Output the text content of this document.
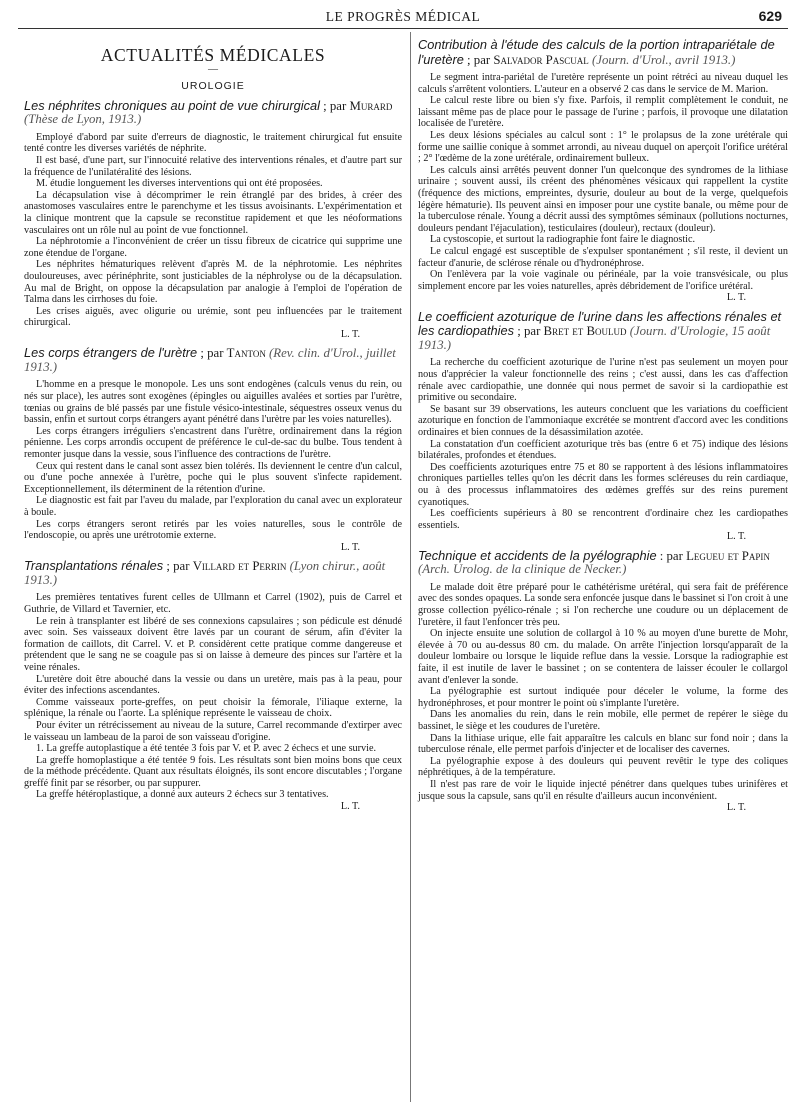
LE PROGRÈS MÉDICAL	629
ACTUALITÉS MÉDICALES
—
UROLOGIE
Les néphrites chroniques au point de vue chirurgical ; par Murard (Thèse de Lyon, 1913.)

Employé d'abord par suite d'erreurs de diagnostic, le traitement chirurgical fut ensuite tenté contre les diverses variétés de néphrite.

Il est basé, d'une part, sur l'innocuité relative des interventions rénales, et d'autre part sur la fréquence de l'unilatéralité des lésions.

M. étudie longuement les diverses interventions qui ont été proposées.

La décapsulation vise à décomprimer le rein étranglé par des brides, à créer des anastomoses vasculaires entre le parenchyme et les tissus avoisinants. L'expérimentation et la clinique montrent que la capsule se reconstitue rapidement et que les néoformations vasculaires ont un rôle nul au point de vue fonctionnel.

La néphrotomie a l'inconvénient de créer un tissu fibreux de cicatrice qui supprime une zone étendue de l'organe.

Les néphrites hématuriques relèvent d'après M. de la néphrotomie. Les néphrites douloureuses, avec périnéphrite, sont justiciables de la néphrolyse ou de la décapsulation. Au mal de Bright, on oppose la décapsulation par analogie à l'emploi de l'opération de Talma dans les cirrhoses du foie.

Les crises aiguës, avec oligurie ou urémie, sont peu influencées par le traitement chirurgical.

L. T.
Les corps étrangers de l'urètre ; par Tanton (Rev. clin. d'Urol., juillet 1913.)

L'homme en a presque le monopole. Les uns sont endogènes (calculs venus du rein, ou nés sur place), les autres sont exogènes (épingles ou aiguilles avalées et sorties par l'urètre, tœnias ou grains de blé passés par une fistule vésico-intestinale, séquestres osseux venus du bassin, enfin et surtout corps étrangers ayant pénétré dans l'urètre par les voies naturelles).

Les corps étrangers irréguliers s'encastrent dans l'urètre, ordinairement dans la région pénienne. Les corps arrondis occupent de préférence le cul-de-sac du bulbe. Tous tendent à remonter jusque dans la vessie, sous l'influence des contractions de l'urètre.

Ceux qui restent dans le canal sont assez bien tolérés. Ils deviennent le centre d'un calcul, ou d'une poche annexée à l'urètre, poche qui le plus souvent s'infecte rapidement. Exceptionnellement, ils déterminent de la rétention d'urine.

Le diagnostic est fait par l'aveu du malade, par l'exploration du canal avec un explorateur à boule.

Les corps étrangers seront retirés par les voies naturelles, sous le contrôle de l'endoscopie, ou après une urétrotomie externe.

L. T.
Transplantations rénales ; par Villard et Perrin (Lyon chirur., août 1913.)

Les premières tentatives furent celles de Ullmann et Carrel (1902), puis de Carrel et Guthrie, de Villard et Tavernier, etc.

Le rein à transplanter est libéré de ses connexions capsulaires ; son pédicule est dénudé avec soin. Ses vaisseaux doivent être lavés par un courant de sérum, afin d'éviter la formation de caillots, dit Carrel. V. et P. considèrent cette pratique comme dangereuse et prétendent que le sang ne se coagule pas si on laisse à demeure des pinces sur l'artère et la veine rénales.

L'uretère doit être abouché dans la vessie ou dans un uretère, mais pas à la peau, pour éviter des infections ascendantes.

Comme vaisseaux porte-greffes, on peut choisir la fémorale, l'iliaque externe, la splénique, la rénale ou l'aorte. La splénique représente le vaisseau de choix.

Pour éviter un rétrécissement au niveau de la suture, Carrel recommande d'extirper avec le vaisseau un lambeau de la paroi de son vaisseau d'origine.

1. La greffe autoplastique a été tentée 3 fois par V. et P. avec 2 échecs et une survie.

La greffe homoplastique a été tentée 9 fois. Les résultats sont bien moins bons que ceux de la méthode précédente. Quant aux résultats éloignés, ils sont encore discutables ; l'organe greffé finit par se résorber, ou par suppurer.

La greffe hétéroplastique, a donné aux auteurs 2 échecs sur 3 tentatives.

L. T.
Contribution à l'étude des calculs de la portion intrapariétale de l'uretère ; par Salvador Pascual (Journ. d'Urol., avril 1913.)

Le segment intra-pariétal de l'uretère représente un point rétréci au niveau duquel les calculs s'arrêtent volontiers. L'auteur en a observé 2 cas dans le service de M. Marion.

Le calcul reste libre ou bien s'y fixe. Parfois, il remplit complètement le conduit, ne laissant même pas de place pour le passage de l'urine ; parfois, il provoque une dilatation localisée de l'uretère.

Les deux lésions spéciales au calcul sont : 1° le prolapsus de la zone urétérale qui forme une saillie conique à sommet arrondi, au niveau duquel on aperçoit l'orifice urétéral ; 2° l'œdème de la zone urétérale, ordinairement bulleux.

Les calculs ainsi arrêtés peuvent donner l'un quelconque des syndromes de la lithiase urinaire ; souvent aussi, ils créent des phénomènes vésicaux qui rappellent la cystite (fréquence des mictions, empreintes, dysurie, douleur au bout de la verge, quelquefois légère hématurie). Ils peuvent ainsi en imposer pour une cystite banale, ou même pour de la tuberculose rénale. Young a décrit aussi des symptômes séminaux (pollutions nocturnes, douleurs pendant l'éjaculation), testiculaires (douleur), rectaux (douleur).

La cystoscopie, et surtout la radiographie font faire le diagnostic.

Le calcul engagé est susceptible de s'expulser spontanément ; s'il reste, il devient un facteur d'anurie, de sclérose rénale ou d'hydronéphrose.

On l'enlèvera par la voie vaginale ou périnéale, par la voie transvésicale, ou plus simplement encore par les voies naturelles, après débridement de l'orifice urétéral.

L. T.
Le coefficient azoturique de l'urine dans les affections rénales et les cardiopathies ; par Bret et Boulud (Journ. d'Urologie, 15 août 1913.)

La recherche du coefficient azoturique de l'urine n'est pas seulement un moyen pour nous d'apprécier la valeur fonctionnelle des reins ; c'est aussi, dans les cas d'affection rénale avec cardiopathie, une donnée qui nous permet de savoir si la cardiopathie est primitive ou secondaire.

Se basant sur 39 observations, les auteurs concluent que les variations du coefficient azoturique en fonction de l'ammoniaque excrétée se montrent d'accord avec les conditions ordinaires et bien connues de la désassimilation azotée.

La constatation d'un coefficient azoturique très bas (entre 6 et 75) indique des lésions bilatérales, profondes et étendues.

Des coefficients azoturiques entre 75 et 80 se rapportent à des lésions inflammatoires chroniques partielles telles qu'on les décrit dans les formes scléreuses du rein cardiaque, ou à des processus inflammatoires des œdèmes greffés sur des reins purement cyanotiques.

Les coefficients supérieurs à 80 se rencontrent d'ordinaire chez les cardiopathes essentiels.

L. T.
Technique et accidents de la pyélographie : par Legueu et Papin (Arch. Urolog. de la clinique de Necker.)

Le malade doit être préparé pour le cathétérisme urétéral, qui sera fait de préférence avec des sondes opaques. La sonde sera enfoncée jusque dans le bassinet si l'on croit à une grosse collection pyélico-rénale ; si l'on recherche une coudure ou un déplacement de l'uretère, il faut l'enfoncer très peu.

On injecte ensuite une solution de collargol à 10 % au moyen d'une burette de Mohr, élevée à 70 ou au-dessus 80 cm. du malade. On arrête l'injection lorsqu'apparaît de la douleur lombaire ou lorsque le liquide reflue dans la vessie. Lorsque la radiographie est faite, il est inutile de laver le bassinet ; on se contentera de laisser écouler le collargol avant d'enlever la sonde.

La pyélographie est surtout indiquée pour déceler le volume, la forme des hydronéphroses, et pour montrer le point où s'implante l'uretère.

Dans les anomalies du rein, dans le rein mobile, elle permet de repérer le siège du bassinet, le siège et les coudures de l'uretère.

Dans la lithiase urique, elle fait apparaître les calculs en blanc sur fond noir ; dans la tuberculose rénale, elle permet parfois d'injecter et de localiser des cavernes.

La pyélographie expose à des douleurs qui peuvent revêtir le type des coliques néphrétiques, à de la température.

Il n'est pas rare de voir le liquide injecté pénétrer dans quelques tubes urinifères et jusque sous la capsule, sans qu'il en résulte d'ailleurs aucun inconvénient.

L. T.
